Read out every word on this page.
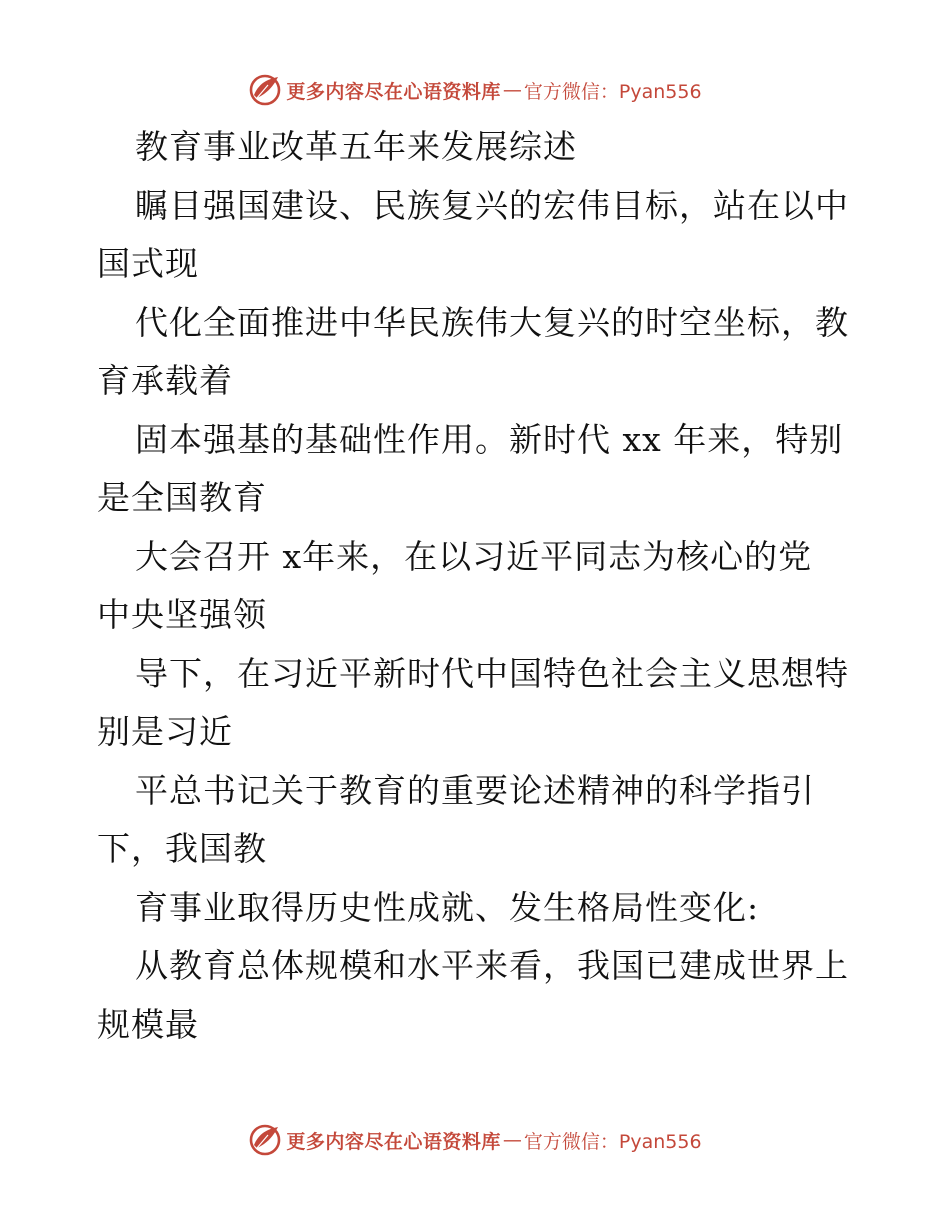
更多内容尽在心语资料库 — 官方微信：Pyan556
教育事业改革五年来发展综述
瞩目强国建设、民族复兴的宏伟目标，站在以中
国式现
代化全面推进中华民族伟大复兴的时空坐标，教
育承载着
固本强基的基础性作用。新时代 xx 年来，特别
是全国教育
大会召开 x年来，在以习近平同志为核心的党
中央坚强领
导下，在习近平新时代中国特色社会主义思想特
别是习近
平总书记关于教育的重要论述精神的科学指引
下，我国教
育事业取得历史性成就、发生格局性变化:
从教育总体规模和水平来看，我国已建成世界上
规模最
更多内容尽在心语资料库 — 官方微信：Pyan556
